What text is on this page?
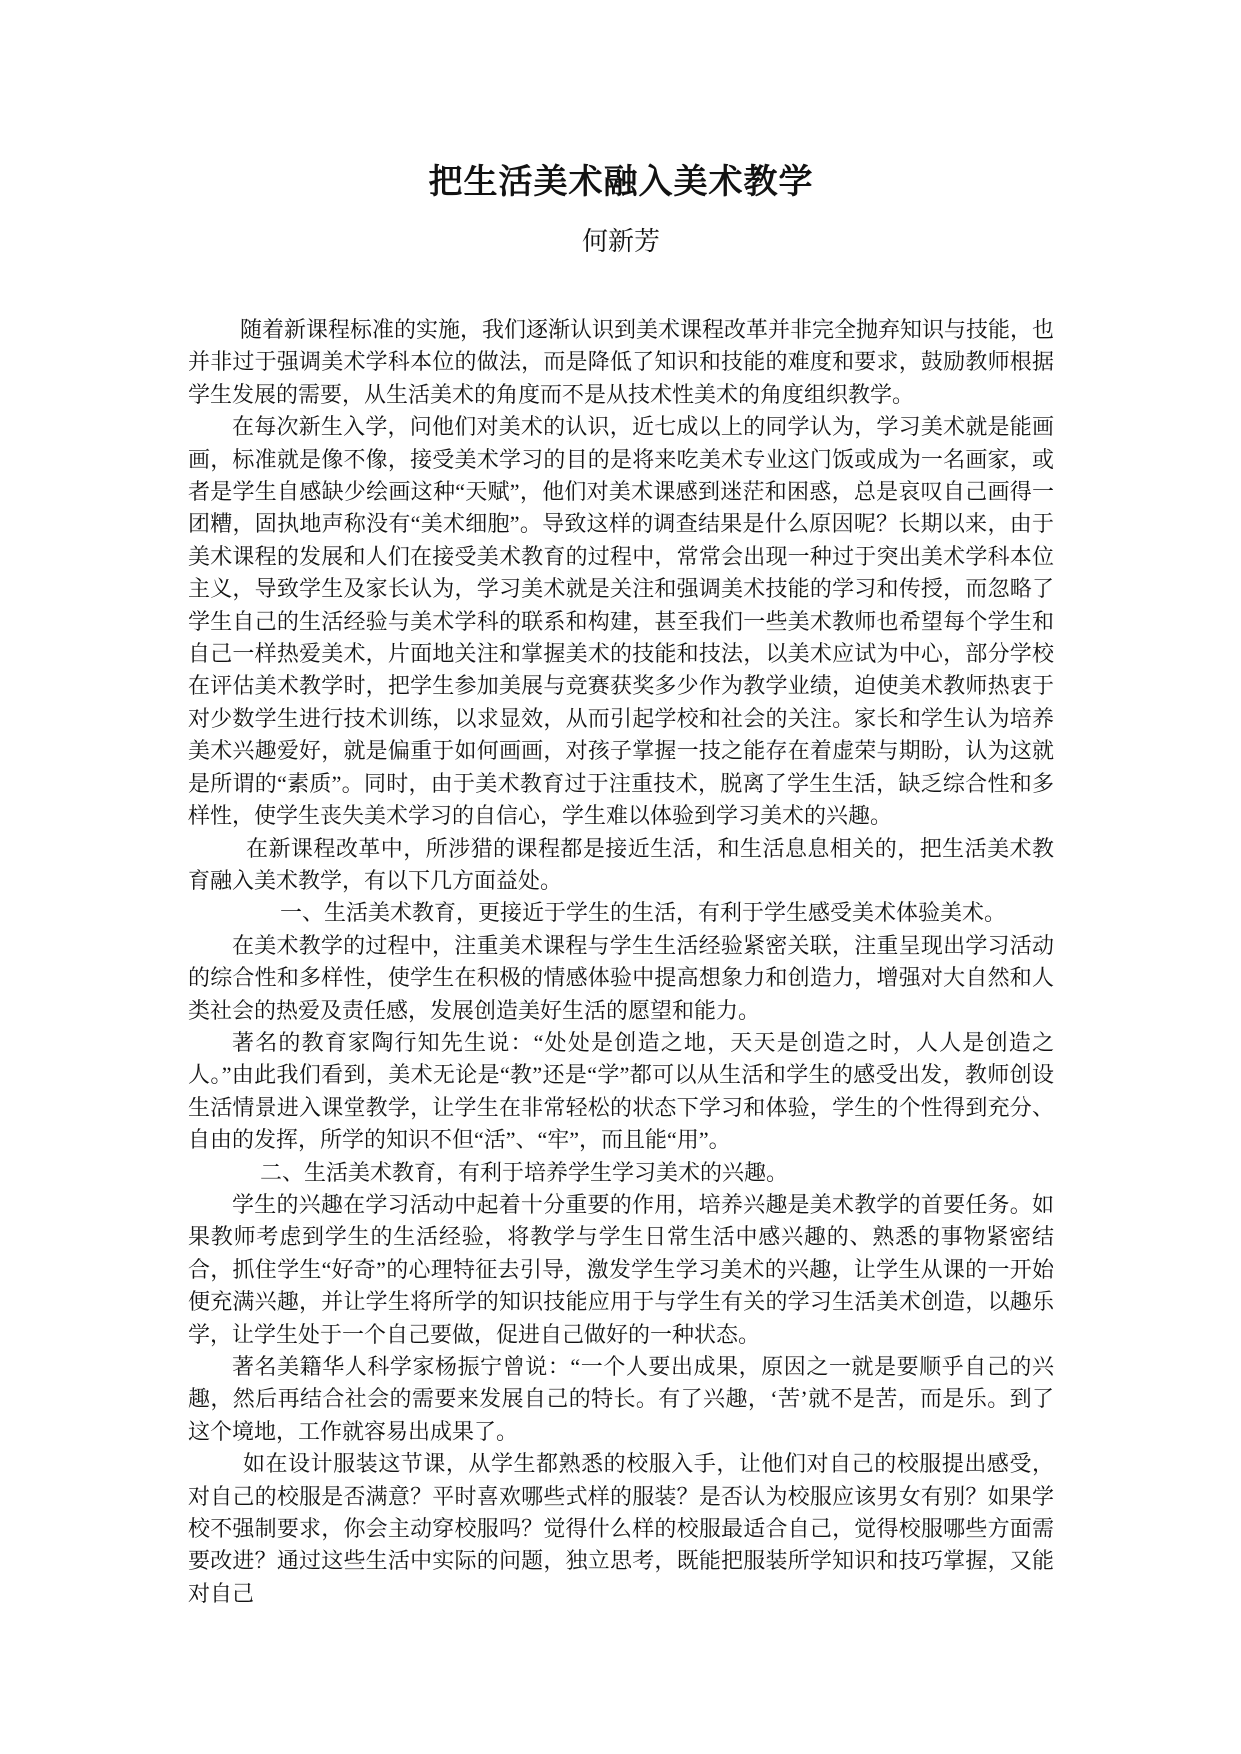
把生活美术融入美术教学
何新芳

随着新课程标准的实施，我们逐渐认识到美术课程改革并非完全抛弃知识与技能，也并非过于强调美术学科本位的做法，而是降低了知识和技能的难度和要求，鼓励教师根据学生发展的需要，从生活美术的角度而不是从技术性美术的角度组织教学。

在每次新生入学，问他们对美术的认识，近七成以上的同学认为，学习美术就是能画画，标准就是像不像，接受美术学习的目的是将来吃美术专业这门饭或成为一名画家，或者是学生自感缺少绘画这种“天赋”，他们对美术课感到迷茫和困惑，总是哀叹自己画得一团糟，固执地声称没有“美术细胞”。导致这样的调查结果是什么原因呢？长期以来，由于美术课程的发展和人们在接受美术教育的过程中，常常会出现一种过于突出美术学科本位主义，导致学生及家长认为，学习美术就是关注和强调美术技能的学习和传授，而忽略了学生自己的生活经验与美术学科的联系和构建，甚至我们一些美术教师也希望每个学生和自己一样热爱美术，片面地关注和掌握美术的技能和技法，以美术应试为中心，部分学校在评估美术教学时，把学生参加美展与竞赛获奖多少作为教学业绩，迫使美术教师热衷于对少数学生进行技术训练，以求显效，从而引起学校和社会的关注。家长和学生认为培养美术兴趣爱好，就是偏重于如何画画，对孩子掌握一技之能存在着虚荣与期盼，认为这就是所谓的“素质”。同时，由于美术教育过于注重技术，脱离了学生生活，缺乏综合性和多样性，使学生丧失美术学习的自信心，学生难以体验到学习美术的兴趣。

在新课程改革中，所涉猎的课程都是接近生活，和生活息息相关的，把生活美术教育融入美术教学，有以下几方面益处。

一、生活美术教育，更接近于学生的生活，有利于学生感受美术体验美术。

在美术教学的过程中，注重美术课程与学生生活经验紧密关联，注重呈现出学习活动的综合性和多样性，使学生在积极的情感体验中提高想象力和创造力，增强对大自然和人类社会的热爱及责任感，发展创造美好生活的愿望和能力。

著名的教育家陶行知先生说：“处处是创造之地，天天是创造之时，人人是创造之人。”由此我们看到，美术无论是“教”还是“学”都可以从生活和学生的感受出发，教师创设生活情景进入课堂教学，让学生在非常轻松的状态下学习和体验，学生的个性得到充分、自由的发挥，所学的知识不但“活”、“牢”，而且能“用”。

二、生活美术教育，有利于培养学生学习美术的兴趣。

学生的兴趣在学习活动中起着十分重要的作用，培养兴趣是美术教学的首要任务。如果教师考虑到学生的生活经验，将教学与学生日常生活中感兴趣的、熟悉的事物紧密结合，抓住学生“好奇”的心理特征去引导，激发学生学习美术的兴趣，让学生从课的一开始便充满兴趣，并让学生将所学的知识技能应用于与学生有关的学习生活美术创造，以趣乐学，让学生处于一个自己要做，促进自己做好的一种状态。

著名美籍华人科学家杨振宁曾说：“一个人要出成果，原因之一就是要顺乎自己的兴趣，然后再结合社会的需要来发展自己的特长。有了兴趣，‘苦’就不是苦，而是乐。到了这个境地，工作就容易出成果了。

如在设计服装这节课，从学生都熟悉的校服入手，让他们对自己的校服提出感受，对自己的校服是否满意？平时喜欢哪些式样的服装？是否认为校服应该男女有别？如果学校不强制要求，你会主动穿校服吗？觉得什么样的校服最适合自己，觉得校服哪些方面需要改进？通过这些生活中实际的问题，独立思考，既能把服装所学知识和技巧掌握，又能对自己
